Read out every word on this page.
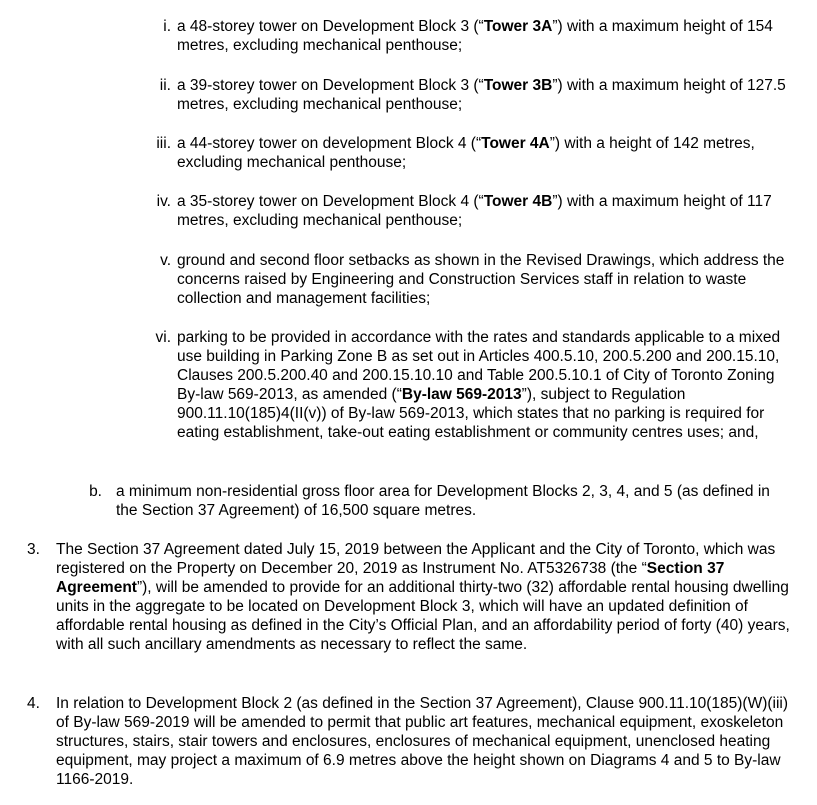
i. a 48-storey tower on Development Block 3 (“Tower 3A”) with a maximum height of 154 metres, excluding mechanical penthouse;
ii. a 39-storey tower on Development Block 3 (“Tower 3B”) with a maximum height of 127.5 metres, excluding mechanical penthouse;
iii. a 44-storey tower on development Block 4 (“Tower 4A”) with a height of 142 metres, excluding mechanical penthouse;
iv. a 35-storey tower on Development Block 4 (“Tower 4B”) with a maximum height of 117 metres, excluding mechanical penthouse;
v. ground and second floor setbacks as shown in the Revised Drawings, which address the concerns raised by Engineering and Construction Services staff in relation to waste collection and management facilities;
vi. parking to be provided in accordance with the rates and standards applicable to a mixed use building in Parking Zone B as set out in Articles 400.5.10, 200.5.200 and 200.15.10, Clauses 200.5.200.40 and 200.15.10.10 and Table 200.5.10.1 of City of Toronto Zoning By-law 569-2013, as amended (“By-law 569-2013”), subject to Regulation 900.11.10(185)4(II(v)) of By-law 569-2013, which states that no parking is required for eating establishment, take-out eating establishment or community centres uses; and,
b. a minimum non-residential gross floor area for Development Blocks 2, 3, 4, and 5 (as defined in the Section 37 Agreement) of 16,500 square metres.
3.	The Section 37 Agreement dated July 15, 2019 between the Applicant and the City of Toronto, which was registered on the Property on December 20, 2019 as Instrument No. AT5326738 (the “Section 37 Agreement”), will be amended to provide for an additional thirty-two (32) affordable rental housing dwelling units in the aggregate to be located on Development Block 3, which will have an updated definition of affordable rental housing as defined in the City’s Official Plan, and an affordability period of forty (40) years, with all such ancillary amendments as necessary to reflect the same.
4.	In relation to Development Block 2 (as defined in the Section 37 Agreement), Clause 900.11.10(185)(W)(iii) of By-law 569-2019 will be amended to permit that public art features, mechanical equipment, exoskeleton structures, stairs, stair towers and enclosures, enclosures of mechanical equipment, unenclosed heating equipment, may project a maximum of 6.9 metres above the height shown on Diagrams 4 and 5 to By-law 1166-2019.
